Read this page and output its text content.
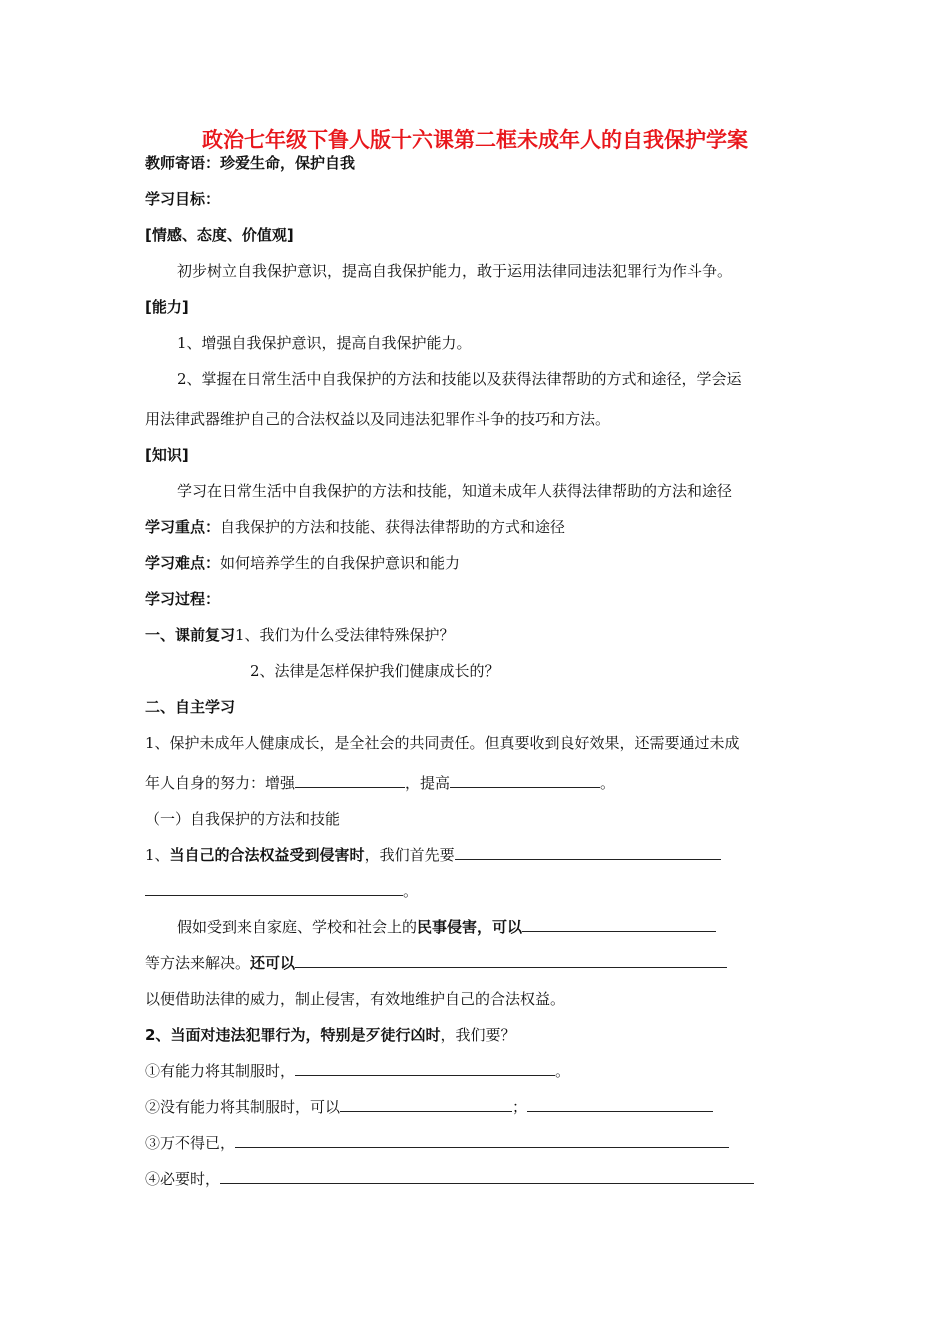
政治七年级下鲁人版十六课第二框未成年人的自我保护学案
教师寄语：珍爱生命，保护自我
学习目标：
[情感、态度、价值观]
初步树立自我保护意识，提高自我保护能力，敢于运用法律同违法犯罪行为作斗争。
[能力]
1、增强自我保护意识，提高自我保护能力。
2、掌握在日常生活中自我保护的方法和技能以及获得法律帮助的方式和途径，学会运
用法律武器维护自己的合法权益以及同违法犯罪作斗争的技巧和方法。
[知识]
学习在日常生活中自我保护的方法和技能，知道未成年人获得法律帮助的方法和途径
学习重点：自我保护的方法和技能、获得法律帮助的方式和途径
学习难点：如何培养学生的自我保护意识和能力
学习过程：
一、课前复习1、我们为什么受法律特殊保护？
2、法律是怎样保护我们健康成长的？
二、自主学习
1、保护未成年人健康成长，是全社会的共同责任。但真要收到良好效果，还需要通过未成
年人自身的努力：增强	，提高	。
（一）自我保护的方法和技能
1、当自己的合法权益受到侵害时，我们首先要
。
假如受到来自家庭、学校和社会上的民事侵害，可以
等方法来解决。还可以
以便借助法律的威力，制止侵害，有效地维护自己的合法权益。
2、当面对违法犯罪行为，特别是歹徒行凶时，我们要？
①有能力将其制服时，	。
②没有能力将其制服时，可以	；
③万不得已，
④必要时，
